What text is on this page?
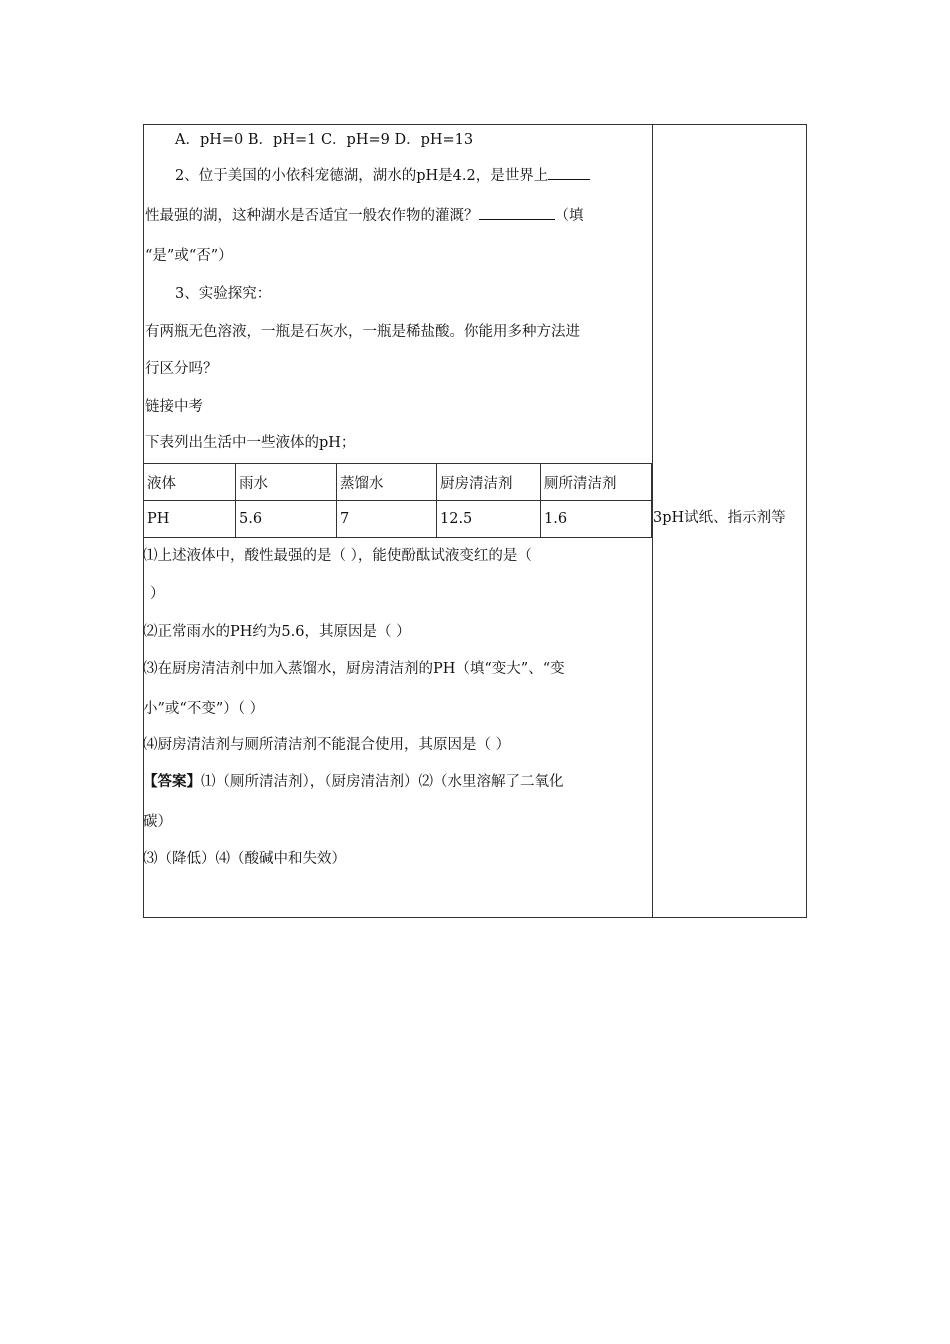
A．pH=0 B．pH=1 C．pH=9 D．pH=13
2、位于美国的小依科宠德湖，湖水的pH是4.2，是世界上
性最强的湖，这种湖水是否适宜一般农作物的灌溉？	（填
“是”或“否”）
3、实验探究：
有两瓶无色溶液，一瓶是石灰水，一瓶是稀盐酸。你能用多种方法进
行区分吗？
链接中考
下表列出生活中一些液体的pH；
液体	雨水	蒸馏水	厨房清洁剂	厕所清洁剂
PH	5.6	7	12.5	1.6	3pH试纸、指示剂等
⑴上述液体中，酸性最强的是（ ），能使酚酞试液变红的是（
）
⑵正常雨水的PH约为5.6，其原因是（ ）
⑶在厨房清洁剂中加入蒸馏水，厨房清洁剂的PH（填“变大”、“变
小”或“不变”）（ ）
⑷厨房清洁剂与厕所清洁剂不能混合使用，其原因是（ ）
【答案】⑴（厕所清洁剂），（厨房清洁剂）⑵（水里溶解了二氧化
碳）
⑶（降低）⑷（酸碱中和失效）
